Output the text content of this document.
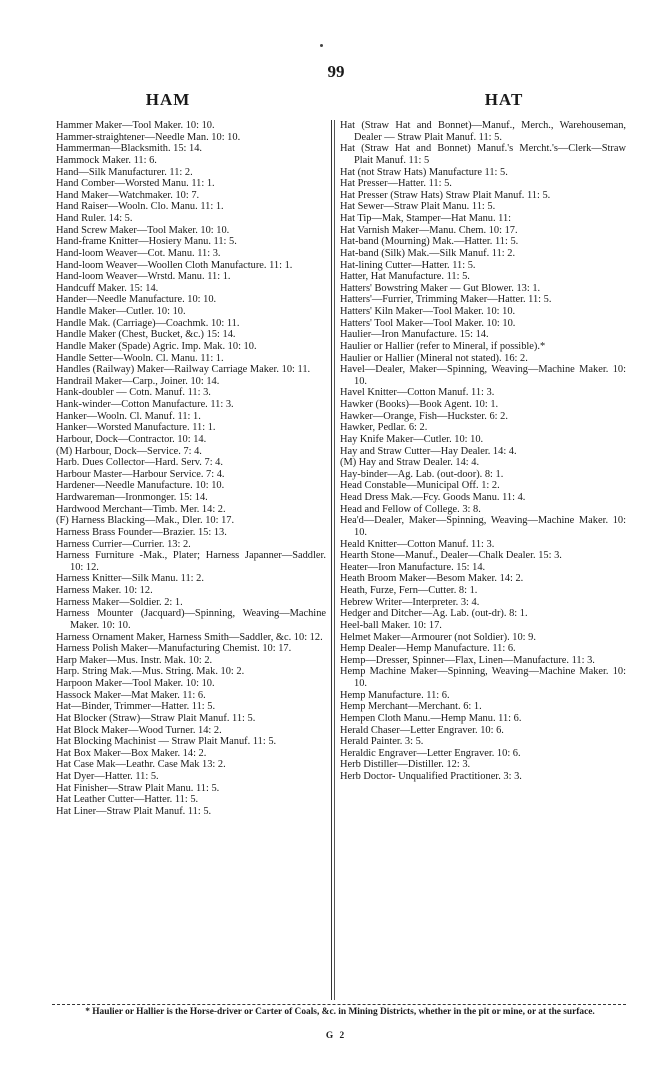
99
HAM	HAT

Hammer Maker—Tool Maker. 10: 10.

Hammer-straightener—Needle Man. 10: 10.

Hammerman—Blacksmith. 15: 14.

Hammock Maker. 11: 6.

Hand—Silk Manufacturer. 11: 2.

Hand Comber—Worsted Manu. 11: 1.

Hand Maker—Watchmaker. 10: 7.

Hand Raiser—Wooln. Clo. Manu. 11: 1.

Hand Ruler. 14: 5.

Hand Screw Maker—Tool Maker. 10: 10.

Hand-frame Knitter—Hosiery Manu. 11: 5.

Hand-loom Weaver—Cot. Manu. 11: 3.

Hand-loom Weaver—Woollen Cloth Manufacture. 11: 1.

Hand-loom Weaver—Wrstd. Manu. 11: 1.

Handcuff Maker. 15: 14.

Hander—Needle Manufacture. 10: 10.

Handle Maker—Cutler. 10: 10.

Handle Mak. (Carriage)—Coachmk. 10: 11.

Handle Maker (Chest, Bucket, &c.) 15: 14.

Handle Maker (Spade) Agric. Imp. Mak. 10: 10.

Handle Setter—Wooln. Cl. Manu. 11: 1.

Handles (Railway) Maker—Railway Carriage Maker. 10: 11.

Handrail Maker—Carp., Joiner. 10: 14.

Hank-doubler — Cotn. Manuf. 11: 3.

Hank-winder—Cotton Manufacture. 11: 3.

Hanker—Wooln. Cl. Manuf. 11: 1.

Hanker—Worsted Manufacture. 11: 1.

Harbour, Dock—Contractor. 10: 14.

(M) Harbour, Dock—Service. 7: 4.

Harb. Dues Collector—Hard. Serv. 7: 4.

Harbour Master—Harbour Service. 7: 4.

Hardener—Needle Manufacture. 10: 10.

Hardwareman—Ironmonger. 15: 14.

Hardwood Merchant—Timb. Mer. 14: 2.

(F) Harness Blacking—Mak., Dler. 10: 17.

Harness Brass Founder—Brazier. 15: 13.

Harness Currier—Currier. 13: 2.

Harness Furniture -Mak., Plater; Harness Japanner—Saddler. 10: 12.

Harness Knitter—Silk Manu. 11: 2.

Harness Maker. 10: 12.

Harness Maker—Soldier. 2: 1.

Harness Mounter (Jacquard)—Spinning, Weaving—Machine Maker. 10: 10.

Harness Ornament Maker, Harness Smith—Saddler, &c. 10: 12.

Harness Polish Maker—Manufacturing Chemist. 10: 17.

Harp Maker—Mus. Instr. Mak. 10: 2.

Harp. String Mak.—Mus. String. Mak. 10: 2.

Harpoon Maker—Tool Maker. 10: 10.

Hassock Maker—Mat Maker. 11: 6.

Hat—Binder, Trimmer—Hatter. 11: 5.

Hat Blocker (Straw)—Straw Plait Manuf. 11: 5.

Hat Block Maker—Wood Turner. 14: 2.

Hat Blocking Machinist — Straw Plait Manuf. 11: 5.

Hat Box Maker—Box Maker. 14: 2.

Hat Case Mak—Leathr. Case Mak 13: 2.

Hat Dyer—Hatter. 11: 5.

Hat Finisher—Straw Plait Manu. 11: 5.

Hat Leather Cutter—Hatter. 11: 5.

Hat Liner—Straw Plait Manuf. 11: 5.

Hat (Straw Hat and Bonnet)—Manuf., Merch., Warehouseman, Dealer — Straw Plait Manuf. 11: 5.

Hat (Straw Hat and Bonnet) Manuf.'s Mercht.'s—Clerk—Straw Plait Manuf. 11: 5

Hat (not Straw Hats) Manufacture 11: 5.

Hat Presser—Hatter. 11: 5.

Hat Presser (Straw Hats) Straw Plait Manuf. 11: 5.

Hat Sewer—Straw Plait Manu. 11: 5.

Hat Tip—Mak, Stamper—Hat Manu. 11:

Hat Varnish Maker—Manu. Chem. 10: 17.

Hat-band (Mourning) Mak.—Hatter. 11: 5.

Hat-band (Silk) Mak.—Silk Manuf. 11: 2.

Hat-lining Cutter—Hatter. 11: 5.

Hatter, Hat Manufacture. 11: 5.

Hatters' Bowstring Maker — Gut Blower. 13: 1.

Hatters'—Furrier, Trimming Maker—Hatter. 11: 5.

Hatters' Kiln Maker—Tool Maker. 10: 10.

Hatters' Tool Maker—Tool Maker. 10: 10.

Haulier—Iron Manufacture. 15: 14.

Haulier or Hallier (refer to Mineral, if possible).*

Haulier or Hallier (Mineral not stated). 16: 2.

Havel—Dealer, Maker—Spinning, Weaving—Machine Maker. 10: 10.

Havel Knitter—Cotton Manuf. 11: 3.

Hawker (Books)—Book Agent. 10: 1.

Hawker—Orange, Fish—Huckster. 6: 2.

Hawker, Pedlar. 6: 2.

Hay Knife Maker—Cutler. 10: 10.

Hay and Straw Cutter—Hay Dealer. 14: 4.

(M) Hay and Straw Dealer. 14: 4.

Hay-binder—Ag. Lab. (out-door). 8: 1.

Head Constable—Municipal Off. 1: 2.

Head Dress Mak.—Fcy. Goods Manu. 11: 4.

Head and Fellow of College. 3: 8.

Hea'd—Dealer, Maker—Spinning, Weaving—Machine Maker. 10: 10.

Heald Knitter—Cotton Manuf. 11: 3.

Hearth Stone—Manuf., Dealer—Chalk Dealer. 15: 3.

Heater—Iron Manufacture. 15: 14.

Heath Broom Maker—Besom Maker. 14: 2.

Heath, Furze, Fern—Cutter. 8: 1.

Hebrew Writer—Interpreter. 3: 4.

Hedger and Ditcher—Ag. Lab. (out-dr). 8: 1.

Heel-ball Maker. 10: 17.

Helmet Maker—Armourer (not Soldier). 10: 9.

Hemp Dealer—Hemp Manufacture. 11: 6.

Hemp—Dresser, Spinner—Flax, Linen—Manufacture. 11: 3.

Hemp Machine Maker—Spinning, Weaving—Machine Maker. 10: 10.

Hemp Manufacture. 11: 6.

Hemp Merchant—Merchant. 6: 1.

Hempen Cloth Manu.—Hemp Manu. 11: 6.

Herald Chaser—Letter Engraver. 10: 6.

Herald Painter. 3: 5.

Heraldic Engraver—Letter Engraver. 10: 6.

Herb Distiller—Distiller. 12: 3.

Herb Doctor- Unqualified Practitioner. 3: 3.

* Haulier or Hallier is the Horse-driver or Carter of Coals, &c. in Mining Districts, whether in the pit or mine, or at the surface.
G 2
